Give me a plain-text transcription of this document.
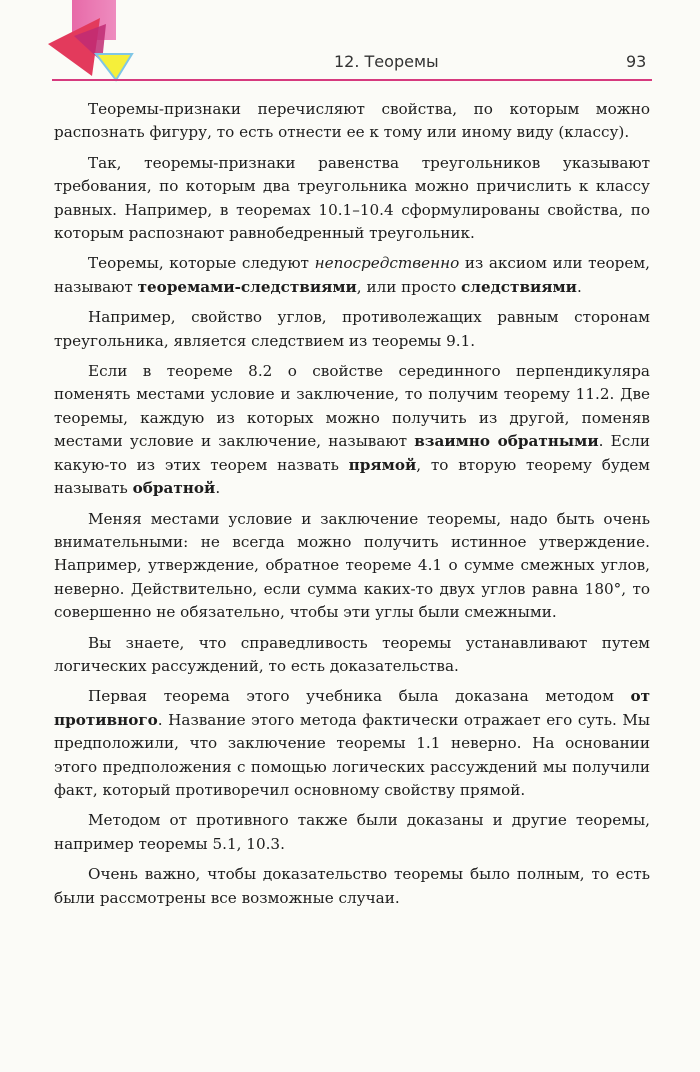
12. Теоремы	93

Теоремы-признаки перечисляют свойства, по которым можно распознать фигуру, то есть отнести ее к тому или иному виду (классу).

Так, теоремы-признаки равенства треугольников указывают требования, по которым два треугольника можно причислить к классу равных. Например, в теоремах 10.1–10.4 сформулированы свойства, по которым распознают равнобедренный треугольник.

Теоремы, которые следуют непосредственно из аксиом или теорем, называют теоремами-следствиями, или просто следствиями.

Например, свойство углов, противолежащих равным сторонам треугольника, является следствием из теоремы 9.1.

Если в теореме 8.2 о свойстве серединного перпендикуляра поменять местами условие и заключение, то получим теорему 11.2. Две теоремы, каждую из которых можно получить из другой, поменяв местами условие и заключение, называют взаимно обратными. Если какую-то из этих теорем назвать прямой, то вторую теорему будем называть обратной.

Меняя местами условие и заключение теоремы, надо быть очень внимательными: не всегда можно получить истинное утверждение. Например, утверждение, обратное теореме 4.1 о сумме смежных углов, неверно. Действительно, если сумма каких-то двух углов равна 180°, то совершенно не обязательно, чтобы эти углы были смежными.

Вы знаете, что справедливость теоремы устанавливают путем логических рассуждений, то есть доказательства.

Первая теорема этого учебника была доказана методом от противного. Название этого метода фактически отражает его суть. Мы предположили, что заключение теоремы 1.1 неверно. На основании этого предположения с помощью логических рассуждений мы получили факт, который противоречил основному свойству прямой.

Методом от противного также были доказаны и другие теоремы, например теоремы 5.1, 10.3.

Очень важно, чтобы доказательство теоремы было полным, то есть были рассмотрены все возможные случаи.
